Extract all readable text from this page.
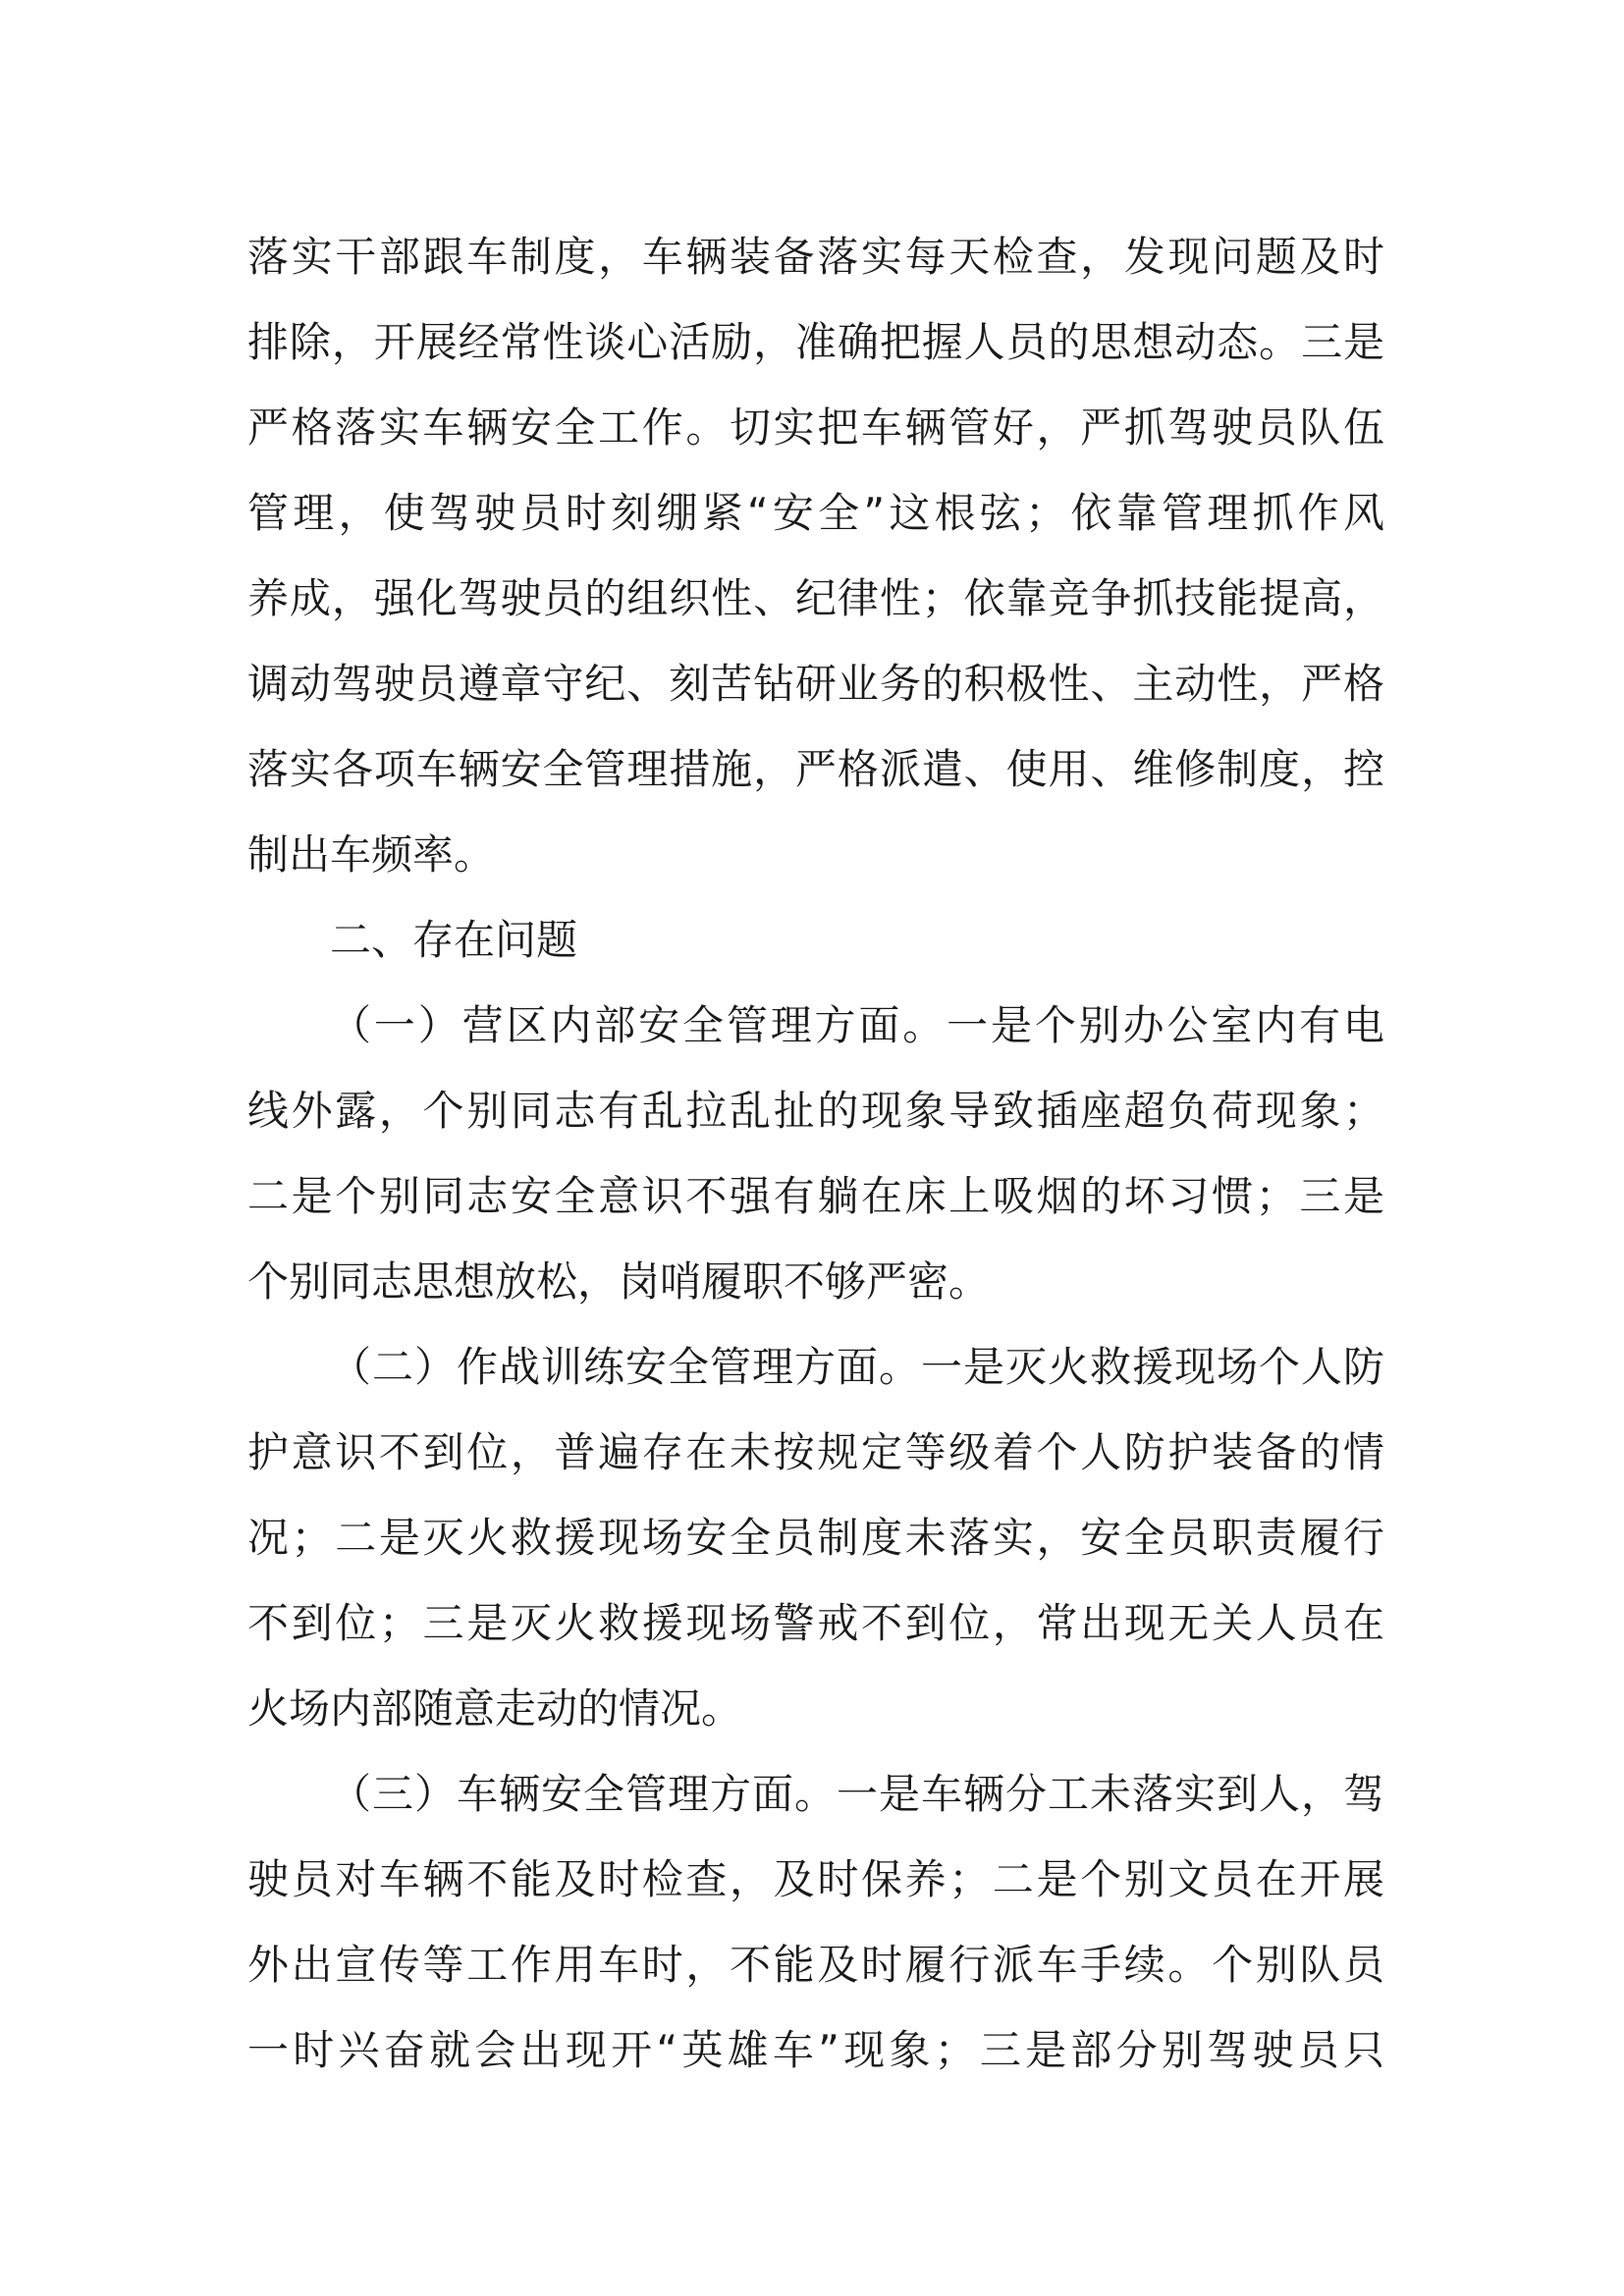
落实干部跟车制度，车辆装备落实每天检查，发现问题及时
排除，开展经常性谈心活励，准确把握人员的思想动态。三是
严格落实车辆安全工作。切实把车辆管好，严抓驾驶员队伍
管理，使驾驶员时刻绷紧“安全”这根弦；依靠管理抓作风
养成，强化驾驶员的组织性、纪律性；依靠竞争抓技能提高，
调动驾驶员遵章守纪、刻苦钻研业务的积极性、主动性，严格
落实各项车辆安全管理措施，严格派遣、使用、维修制度，控
制出车频率。
二、存在问题
（一）营区内部安全管理方面。一是个别办公室内有电
线外露，个别同志有乱拉乱扯的现象导致插座超负荷现象；
二是个别同志安全意识不强有躺在床上吸烟的坏习惯；三是
个别同志思想放松，岗哨履职不够严密。
（二）作战训练安全管理方面。一是灭火救援现场个人防
护意识不到位，普遍存在未按规定等级着个人防护装备的情
况；二是灭火救援现场安全员制度未落实，安全员职责履行
不到位；三是灭火救援现场警戒不到位，常出现无关人员在
火场内部随意走动的情况。
（三）车辆安全管理方面。一是车辆分工未落实到人，驾
驶员对车辆不能及时检查，及时保养；二是个别文员在开展
外出宣传等工作用车时，不能及时履行派车手续。个别队员
一时兴奋就会出现开“英雄车”现象；三是部分别驾驶员只
